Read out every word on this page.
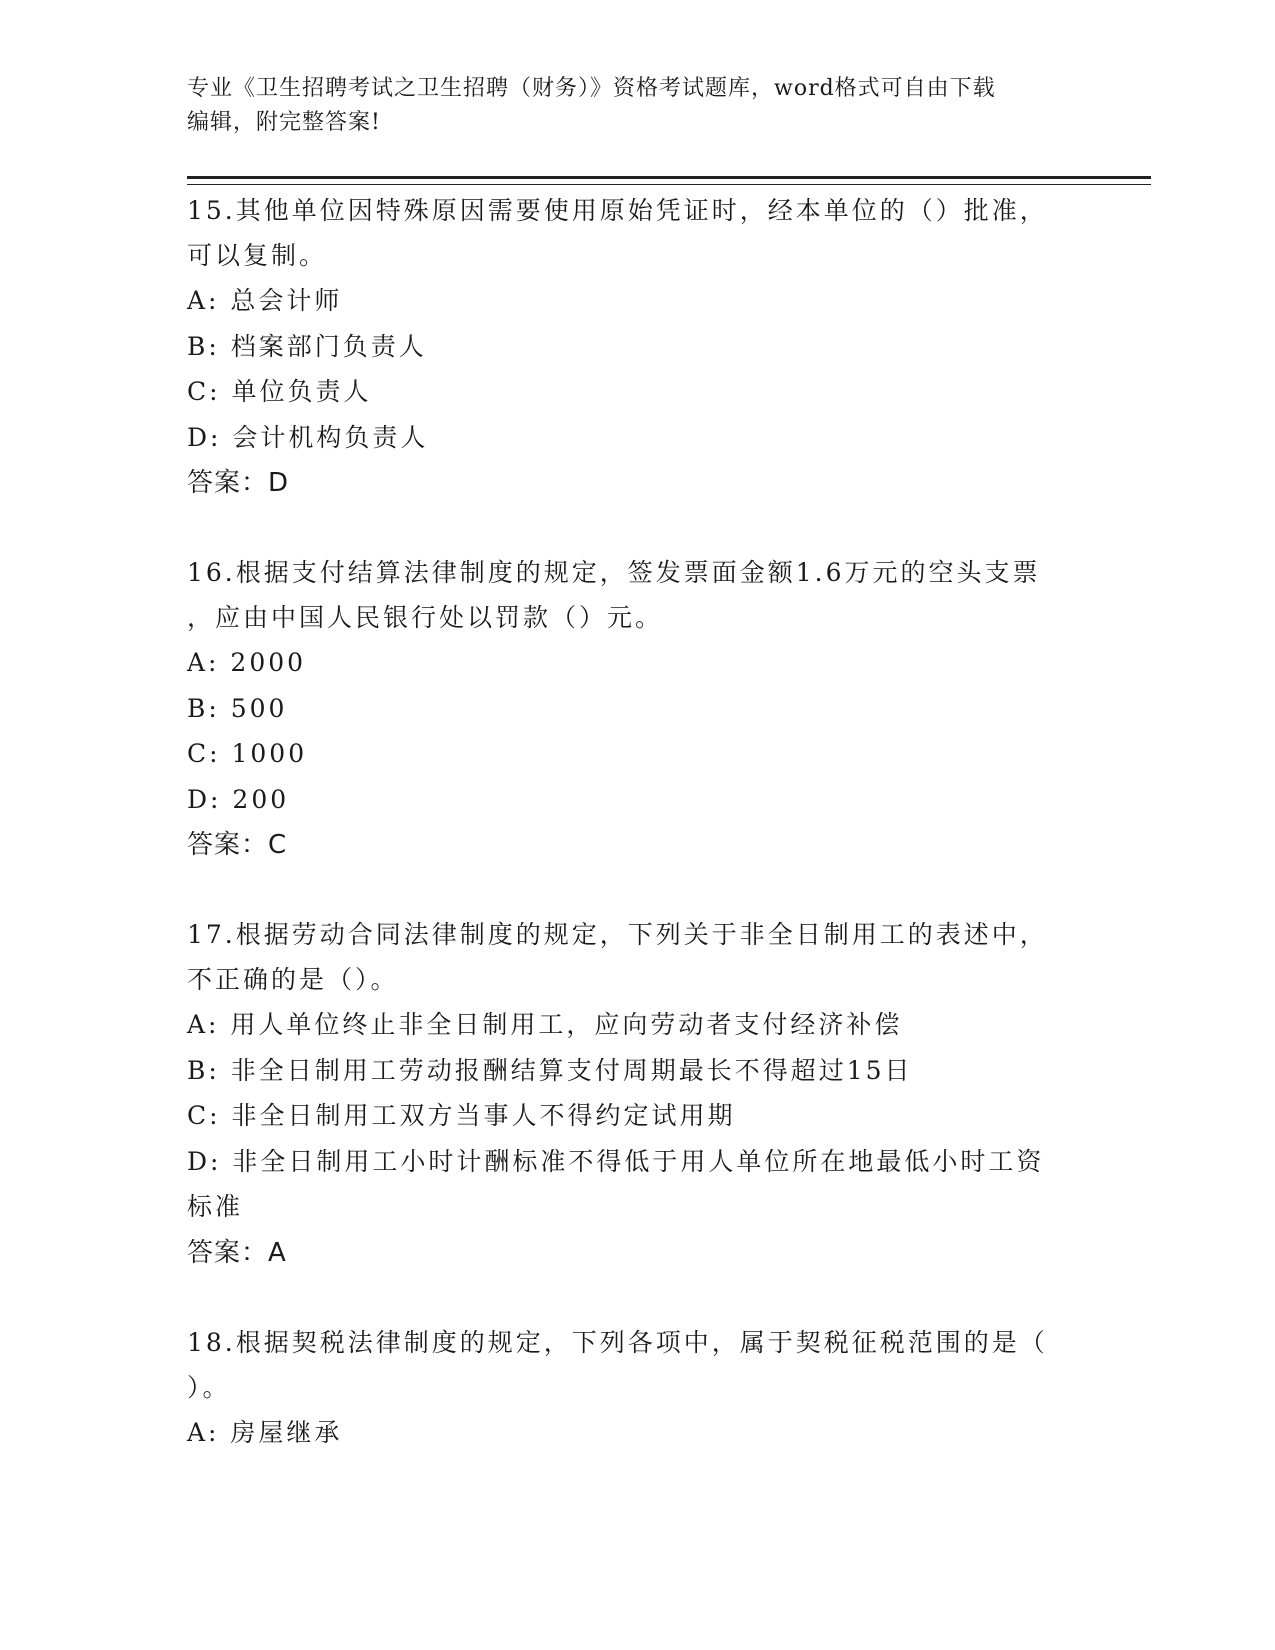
专业《卫生招聘考试之卫生招聘（财务）》资格考试题库，word格式可自由下载
编辑，附完整答案!
15.其他单位因特殊原因需要使用原始凭证时，经本单位的（）批准，
可以复制。
A: 总会计师
B: 档案部门负责人
C: 单位负责人
D: 会计机构负责人
答案：D
16.根据支付结算法律制度的规定，签发票面金额1.6万元的空头支票
，应由中国人民银行处以罚款（）元。
A: 2000
B: 500
C: 1000
D: 200
答案：C
17.根据劳动合同法律制度的规定，下列关于非全日制用工的表述中，
不正确的是（）。
A: 用人单位终止非全日制用工，应向劳动者支付经济补偿
B: 非全日制用工劳动报酬结算支付周期最长不得超过15日
C: 非全日制用工双方当事人不得约定试用期
D: 非全日制用工小时计酬标准不得低于用人单位所在地最低小时工资
标准
答案：A
18.根据契税法律制度的规定，下列各项中，属于契税征税范围的是（
）。
A: 房屋继承
